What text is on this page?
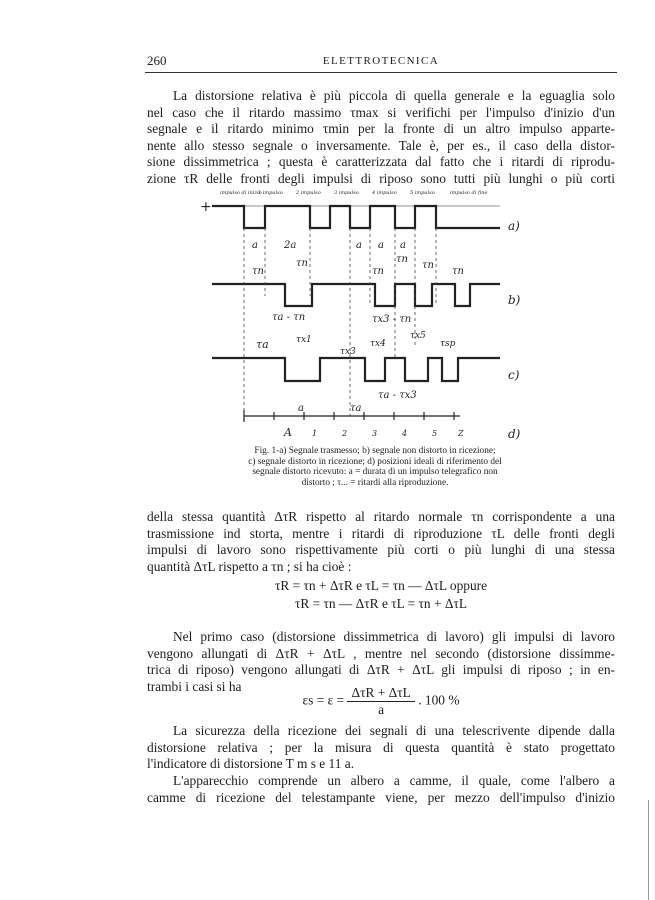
260	ELETTROTECNICA
La distorsione relativa è più piccola di quella generale e la eguaglia solo
nel caso che il ritardo massimo τmax si verifichi per l'impulso d'inizio d'un
segnale e il ritardo minimo τmin per la fronte di un altro impulso apparte-
nente allo stesso segnale o inversamente. Tale è, per es., il caso della distor-
sione dissimmetrica ; questa è caratterizzata dal fatto che i ritardi di riprodu-
zione τR delle fronti degli impulsi di riposo sono tutti più lunghi o più corti
+
impulso di inizio
1 impulso	2 impulso	3 impulso	4 impulso	5 impulso	impulso di fine
a)
b)
c)
d)
a	2a	a a a
τn
τn
τn
τn
τn
τn
τa - τn	τx3 - τn
τa	τx1
τx3
τx4
τx5
τsp
τa - τx3
a	τa
A	1	2	3	4	5	Z
Fig. 1-a) Segnale trasmesso; b) segnale non distorto in ricezione;
c) segnale distorto in ricezione; d) posizioni ideali di riferimento del
segnale distorto ricevuto: a = durata di un impulso telegrafico non
distorto ; τ... = ritardi alla riproduzione.
della stessa quantità ΔτR rispetto al ritardo normale τn corrispondente a una
trasmissione ind storta, mentre i ritardi di riproduzione τL delle fronti degli
impulsi di lavoro sono rispettivamente più corti o più lunghi di una stessa
quantità ΔτL rispetto a τn ; si ha cioè :
τR = τn + ΔτR e τL = τn — ΔτL oppure
τR = τn — ΔτR e τL = τn + ΔτL
Nel primo caso (distorsione dissimmetrica di lavoro) gli impulsi di lavoro
vengono allungati di ΔτR + ΔτL , mentre nel secondo (distorsione dissimme-
trica di riposo) vengono allungati di ΔτR + ΔτL gli impulsi di riposo ; in en-
trambi i casi si ha
$\varepsilon s = \varepsilon = \frac{\text{ΔτR + ΔτL}}{a}$ . 100 %
La sicurezza della ricezione dei segnali di una telescrivente dipende dalla
distorsione relativa ; per la misura di questa quantità è stato progettato
l'indicatore di distorsione T m s e 11 a.
L'apparecchio comprende un albero a camme, il quale, come l'albero a
camme di ricezione del telestampante viene, per mezzo dell'impulso d'inizio
